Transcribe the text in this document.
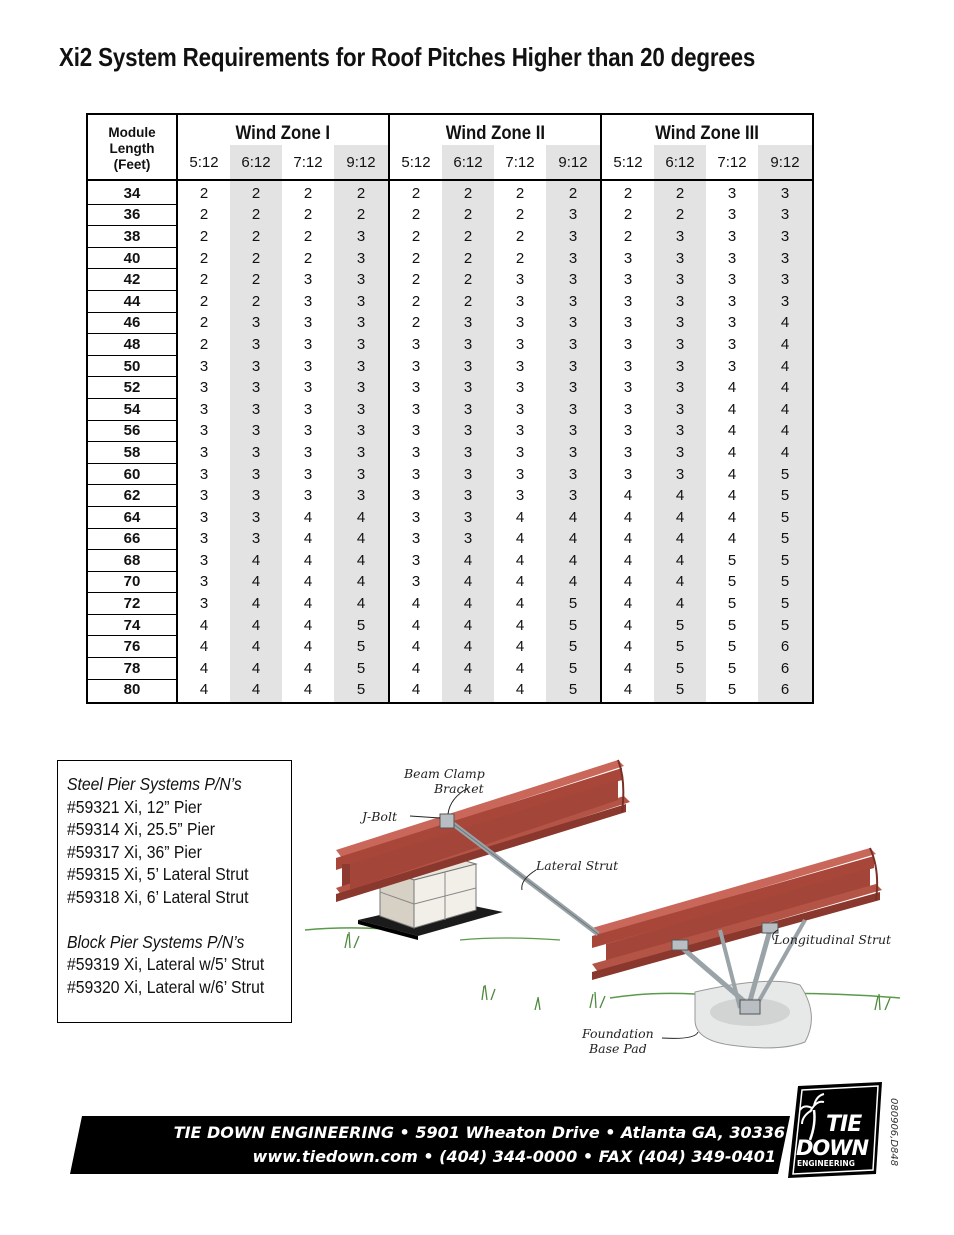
Xi2 System Requirements for Roof Pitches Higher than 20 degrees
Module
Length
(Feet)	Wind Zone I				Wind Zone II				Wind Zone III			
	5:12	6:12	7:12	9:12	5:12	6:12	7:12	9:12	5:12	6:12	7:12	9:12
34	2	2	2	2	2	2	2	2	2	2	3	3
36	2	2	2	2	2	2	2	3	2	2	3	3
38	2	2	2	3	2	2	2	3	2	3	3	3
40	2	2	2	3	2	2	2	3	3	3	3	3
42	2	2	3	3	2	2	3	3	3	3	3	3
44	2	2	3	3	2	2	3	3	3	3	3	3
46	2	3	3	3	2	3	3	3	3	3	3	4
48	2	3	3	3	3	3	3	3	3	3	3	4
50	3	3	3	3	3	3	3	3	3	3	3	4
52	3	3	3	3	3	3	3	3	3	3	4	4
54	3	3	3	3	3	3	3	3	3	3	4	4
56	3	3	3	3	3	3	3	3	3	3	4	4
58	3	3	3	3	3	3	3	3	3	3	4	4
60	3	3	3	3	3	3	3	3	3	3	4	5
62	3	3	3	3	3	3	3	3	4	4	4	5
64	3	3	4	4	3	3	4	4	4	4	4	5
66	3	3	4	4	3	3	4	4	4	4	4	5
68	3	4	4	4	3	4	4	4	4	4	5	5
70	3	4	4	4	3	4	4	4	4	4	5	5
72	3	4	4	4	4	4	4	5	4	4	5	5
74	4	4	4	5	4	4	4	5	4	5	5	5
76	4	4	4	5	4	4	4	5	4	5	5	6
78	4	4	4	5	4	4	4	5	4	5	5	6
80	4	4	4	5	4	4	4	5	4	5	5	6
Steel Pier Systems P/N’s
#59321 Xi, 12” Pier
#59314 Xi, 25.5” Pier
#59317 Xi, 36” Pier
#59315 Xi, 5’ Lateral Strut
#59318 Xi, 6’ Lateral Strut
Block Pier Systems P/N’s
#59319 Xi, Lateral w/5’ Strut
#59320 Xi, Lateral w/6’ Strut
Beam Clamp
Bracket
J-Bolt
Lateral Strut
Longitudinal Strut
Foundation
Base Pad
TIE DOWN ENGINEERING • 5901 Wheaton Drive • Atlanta GA, 30336
www.tiedown.com • (404) 344-0000 • FAX (404) 349-0401
TIE
DOWN
ENGINEERING	080906,D848
